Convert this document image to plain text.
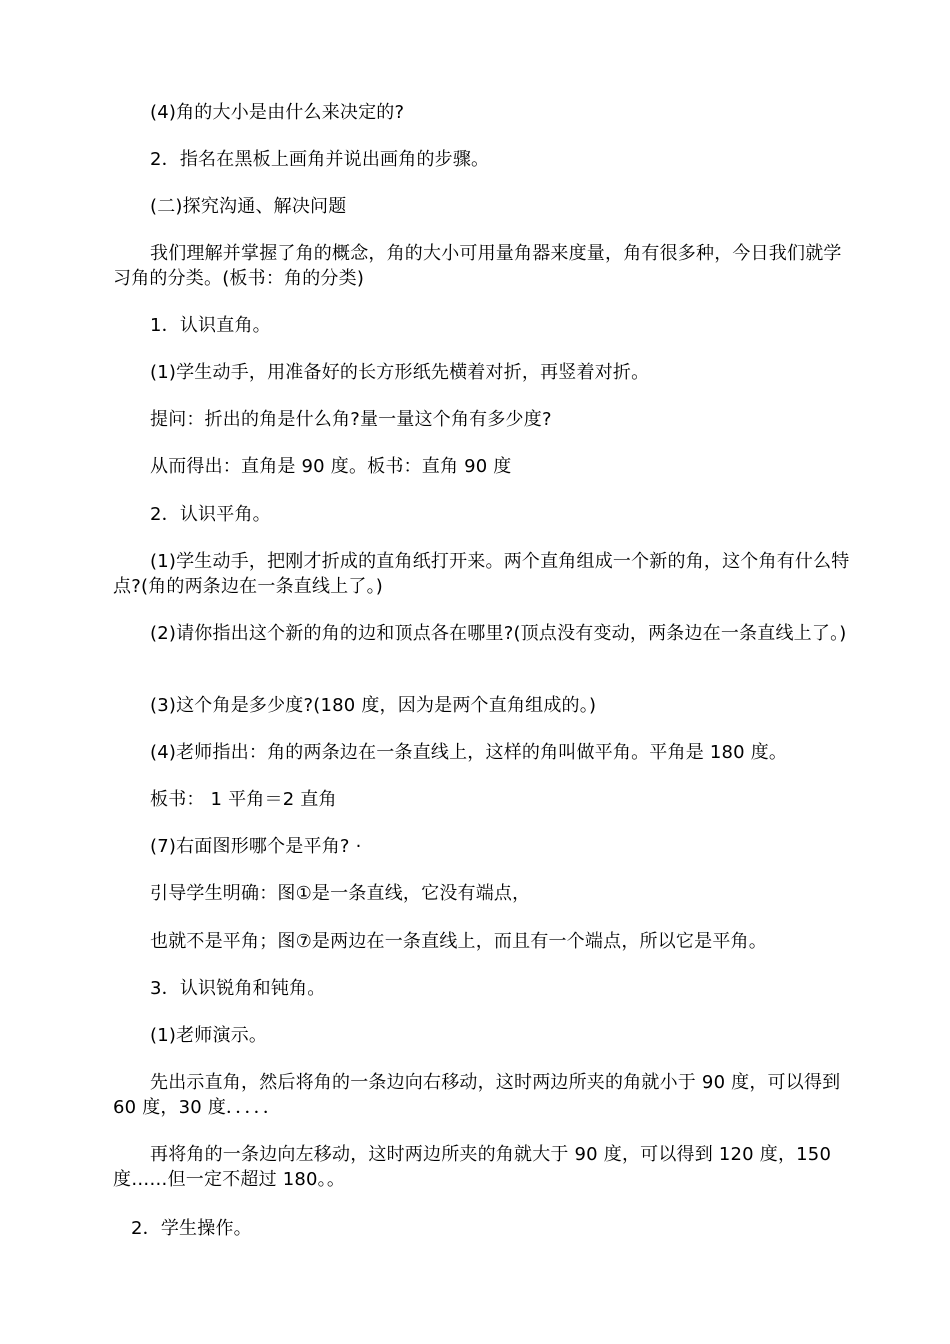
(4)角的大小是由什么来决定的?

2．指名在黑板上画角并说出画角的步骤。

(二)探究沟通、解决问题

我们理解并掌握了角的概念，角的大小可用量角器来度量，角有很多种，今日我们就学习角的分类。(板书：角的分类)

1．认识直角。

(1)学生动手，用准备好的长方形纸先横着对折，再竖着对折。

提问：折出的角是什么角?量一量这个角有多少度?

从而得出：直角是 90 度。板书：直角 90 度

2．认识平角。

(1)学生动手，把刚才折成的直角纸打开来。两个直角组成一个新的角，这个角有什么特点?(角的两条边在一条直线上了。)

(2)请你指出这个新的角的边和顶点各在哪里?(顶点没有变动，两条边在一条直线上了。)

(3)这个角是多少度?(180 度，因为是两个直角组成的。)

(4)老师指出：角的两条边在一条直线上，这样的角叫做平角。平角是 180 度。

板书： 1 平角＝2 直角

(7)右面图形哪个是平角? ·

引导学生明确：图①是一条直线，它没有端点，

也就不是平角；图⑦是两边在一条直线上，而且有一个端点，所以它是平角。

3．认识锐角和钝角。

(1)老师演示。

先出示直角，然后将角的一条边向右移动，这时两边所夹的角就小于 90 度，可以得到 60 度，30 度．．．．．

再将角的一条边向左移动，这时两边所夹的角就大于 90 度，可以得到 120 度，150 度……但一定不超过 180。。

2．学生操作。
